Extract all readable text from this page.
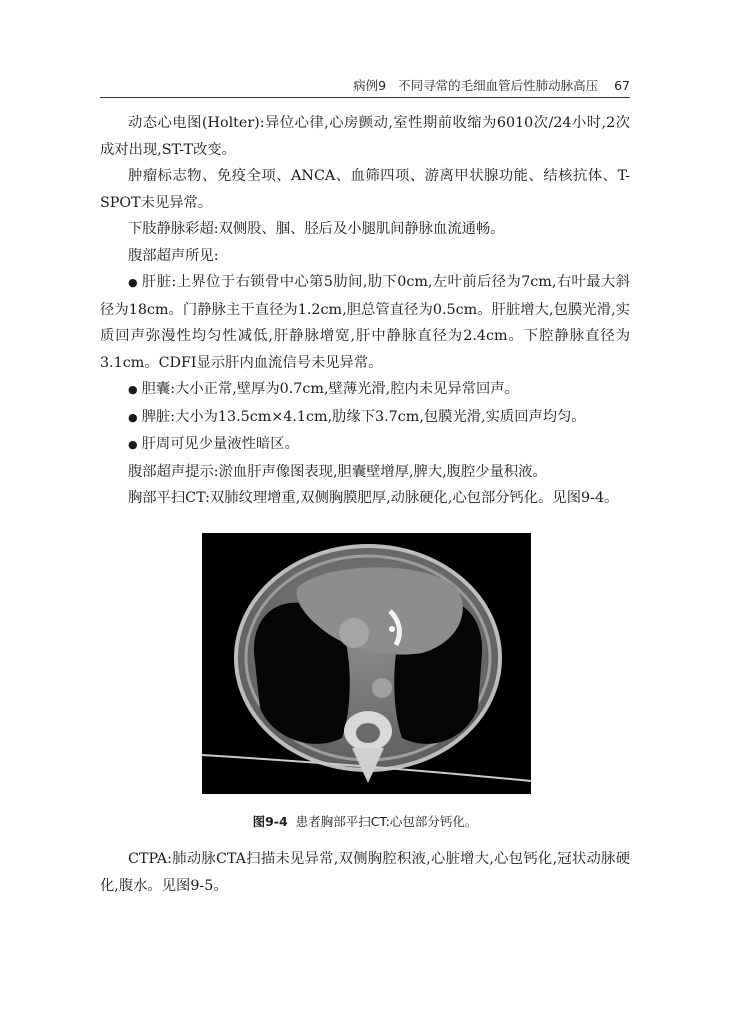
病例9 不同寻常的毛细血管后性肺动脉高压 67

动态心电图(Holter):异位心律,心房颤动,室性期前收缩为6010次/24小时,2次成对出现,ST-T改变。

肿瘤标志物、免疫全项、ANCA、血筛四项、游离甲状腺功能、结核抗体、T-SPOT未见异常。

下肢静脉彩超:双侧股、腘、胫后及小腿肌间静脉血流通畅。

腹部超声所见:

● 肝脏:上界位于右锁骨中心第5肋间,肋下0cm,左叶前后径为7cm,右叶最大斜径为18cm。门静脉主干直径为1.2cm,胆总管直径为0.5cm。肝脏增大,包膜光滑,实质回声弥漫性均匀性减低,肝静脉增宽,肝中静脉直径为2.4cm。下腔静脉直径为3.1cm。CDFI显示肝内血流信号未见异常。

● 胆囊:大小正常,壁厚为0.7cm,壁薄光滑,腔内未见异常回声。

● 脾脏:大小为13.5cm×4.1cm,肋缘下3.7cm,包膜光滑,实质回声均匀。

● 肝周可见少量液性暗区。

腹部超声提示:淤血肝声像图表现,胆囊壁增厚,脾大,腹腔少量积液。

胸部平扫CT:双肺纹理增重,双侧胸膜肥厚,动脉硬化,心包部分钙化。见图9-4。

图9-4 患者胸部平扫CT:心包部分钙化。

CTPA:肺动脉CTA扫描未见异常,双侧胸腔积液,心脏增大,心包钙化,冠状动脉硬化,腹水。见图9-5。
